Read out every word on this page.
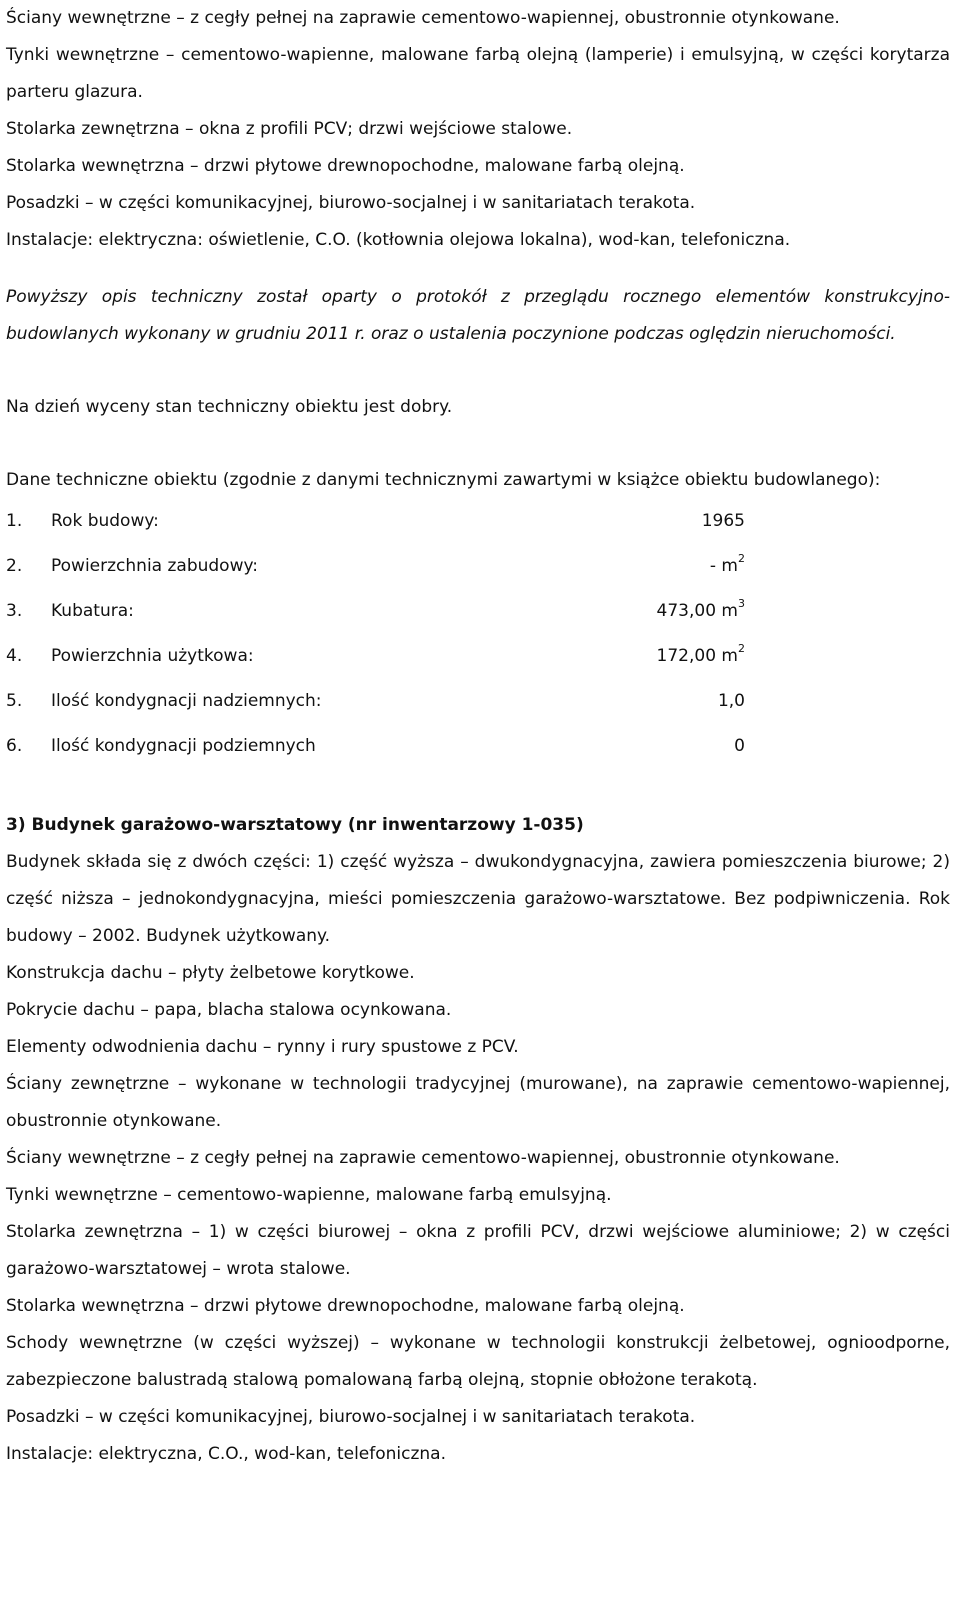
Ściany wewnętrzne – z cegły pełnej na zaprawie cementowo-wapiennej, obustronnie otynkowane.
Tynki wewnętrzne – cementowo-wapienne, malowane farbą olejną (lamperie) i emulsyjną, w części korytarza parteru glazura.
Stolarka zewnętrzna – okna z profili PCV; drzwi wejściowe stalowe.
Stolarka wewnętrzna – drzwi płytowe drewnopochodne, malowane farbą olejną.
Posadzki – w części komunikacyjnej, biurowo-socjalnej i w sanitariatach terakota.
Instalacje: elektryczna: oświetlenie, C.O. (kotłownia olejowa lokalna), wod-kan, telefoniczna.
Powyższy opis techniczny został oparty o protokół z przeglądu rocznego elementów konstrukcyjno-budowlanych wykonany w grudniu 2011 r. oraz o ustalenia poczynione podczas oględzin nieruchomości.
Na dzień wyceny stan techniczny obiektu jest dobry.
Dane techniczne obiektu (zgodnie z danymi technicznymi zawartymi w książce obiektu budowlanego):
1. Rok budowy:	1965
2. Powierzchnia zabudowy:	- $m^2$
3. Kubatura:	473,00 $m^3$
4. Powierzchnia użytkowa:	172,00 $m^2$
5. Ilość kondygnacji nadziemnych:	1,0
6. Ilość kondygnacji podziemnych	0
3) Budynek garażowo-warsztatowy (nr inwentarzowy 1-035)
Budynek składa się z dwóch części: 1) część wyższa – dwukondygnacyjna, zawiera pomieszczenia biurowe; 2) część niższa – jednokondygnacyjna, mieści pomieszczenia garażowo-warsztatowe. Bez podpiwniczenia. Rok budowy – 2002. Budynek użytkowany.
Konstrukcja dachu – płyty żelbetowe korytkowe.
Pokrycie dachu – papa, blacha stalowa ocynkowana.
Elementy odwodnienia dachu – rynny i rury spustowe z PCV.
Ściany zewnętrzne – wykonane w technologii tradycyjnej (murowane), na zaprawie cementowo-wapiennej, obustronnie otynkowane.
Ściany wewnętrzne – z cegły pełnej na zaprawie cementowo-wapiennej, obustronnie otynkowane.
Tynki wewnętrzne – cementowo-wapienne, malowane farbą emulsyjną.
Stolarka zewnętrzna – 1) w części biurowej – okna z profili PCV, drzwi wejściowe aluminiowe; 2) w części garażowo-warsztatowej – wrota stalowe.
Stolarka wewnętrzna – drzwi płytowe drewnopochodne, malowane farbą olejną.
Schody wewnętrzne (w części wyższej) – wykonane w technologii konstrukcji żelbetowej, ognioodporne, zabezpieczone balustradą stalową pomalowaną farbą olejną, stopnie obłożone terakotą.
Posadzki – w części komunikacyjnej, biurowo-socjalnej i w sanitariatach terakota.
Instalacje: elektryczna, C.O., wod-kan, telefoniczna.
